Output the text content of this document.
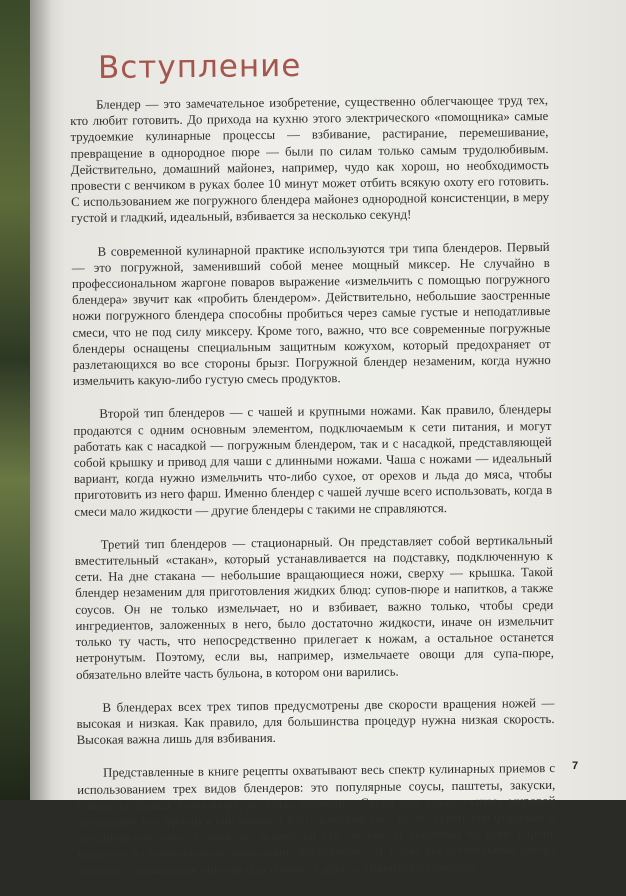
Вступление

Блендер — это замечательное изобретение, существенно облегчающее труд тех, кто любит готовить. До прихода на кухню этого электрического «помощника» самые трудоемкие кулинарные процессы — взбивание, растирание, перемешивание, превращение в однородное пюре — были по силам только самым трудолюбивым. Действительно, домашний майонез, например, чудо как хорош, но необходимость провести с венчиком в руках более 10 минут может отбить всякую охоту его готовить. С использованием же погружного блендера майонез однородной консистенции, в меру густой и гладкий, идеальный, взбивается за несколько секунд!

В современной кулинарной практике используются три типа блендеров. Первый — это погружной, заменивший собой менее мощный миксер. Не случайно в профессиональном жаргоне поваров выражение «измельчить с помощью погружного блендера» звучит как «пробить блендером». Действительно, небольшие заостренные ножи погружного блендера способны пробиться через самые густые и неподатливые смеси, что не под силу миксеру. Кроме того, важно, что все современные погружные блендеры оснащены специальным защитным кожухом, который предохраняет от разлетающихся во все стороны брызг. Погружной блендер незаменим, когда нужно измельчить какую-либо густую смесь продуктов.

Второй тип блендеров — с чашей и крупными ножами. Как правило, блендеры продаются с одним основным элементом, подключаемым к сети питания, и могут работать как с насадкой — погружным блендером, так и с насадкой, представляющей собой крышку и привод для чаши с длинными ножами. Чаша с ножами — идеальный вариант, когда нужно измельчить что-либо сухое, от орехов и льда до мяса, чтобы приготовить из него фарш. Именно блендер с чашей лучше всего использовать, когда в смеси мало жидкости — другие блендеры с такими не справляются.

Третий тип блендеров — стационарный. Он представляет собой вертикальный вместительный «стакан», который устанавливается на подставку, подключенную к сети. На дне стакана — небольшие вращающиеся ножи, сверху — крышка. Такой блендер незаменим для приготовления жидких блюд: супов-пюре и напитков, а также соусов. Он не только измельчает, но и взбивает, важно только, чтобы среди ингредиентов, заложенных в него, было достаточно жидкости, иначе он измельчит только ту часть, что непосредственно прилегает к ножам, а остальное останется нетронутым. Поэтому, если вы, например, измельчаете овощи для супа-пюре, обязательно влейте часть бульона, в котором они варились.

В блендерах всех трех типов предусмотрены две скорости вращения ножей — высокая и низкая. Как правило, для большинства процедур нужна низкая скорость. Высокая важна лишь для взбивания.

Представленные в книге рецепты охватывают весь спектр кулинарных приемов с использованием трех видов блендеров: это популярные соусы, паштеты, закуски, блюда из фарша, супы-пюре, десерты, напитки... Среди них также «хиты» мировой кулинарии, как французский майонез и итальянский соус песто, еврейский форшмак и мексиканские такос с авокадо, испанский суп гаспачо и любимый во всей Европе крем-суп из шампиньонов, кавказский люля-кебаб... А также восхитительный десерт тирамису, знаменитая пина-колада и многое другое. Приятного аппетита!

7
